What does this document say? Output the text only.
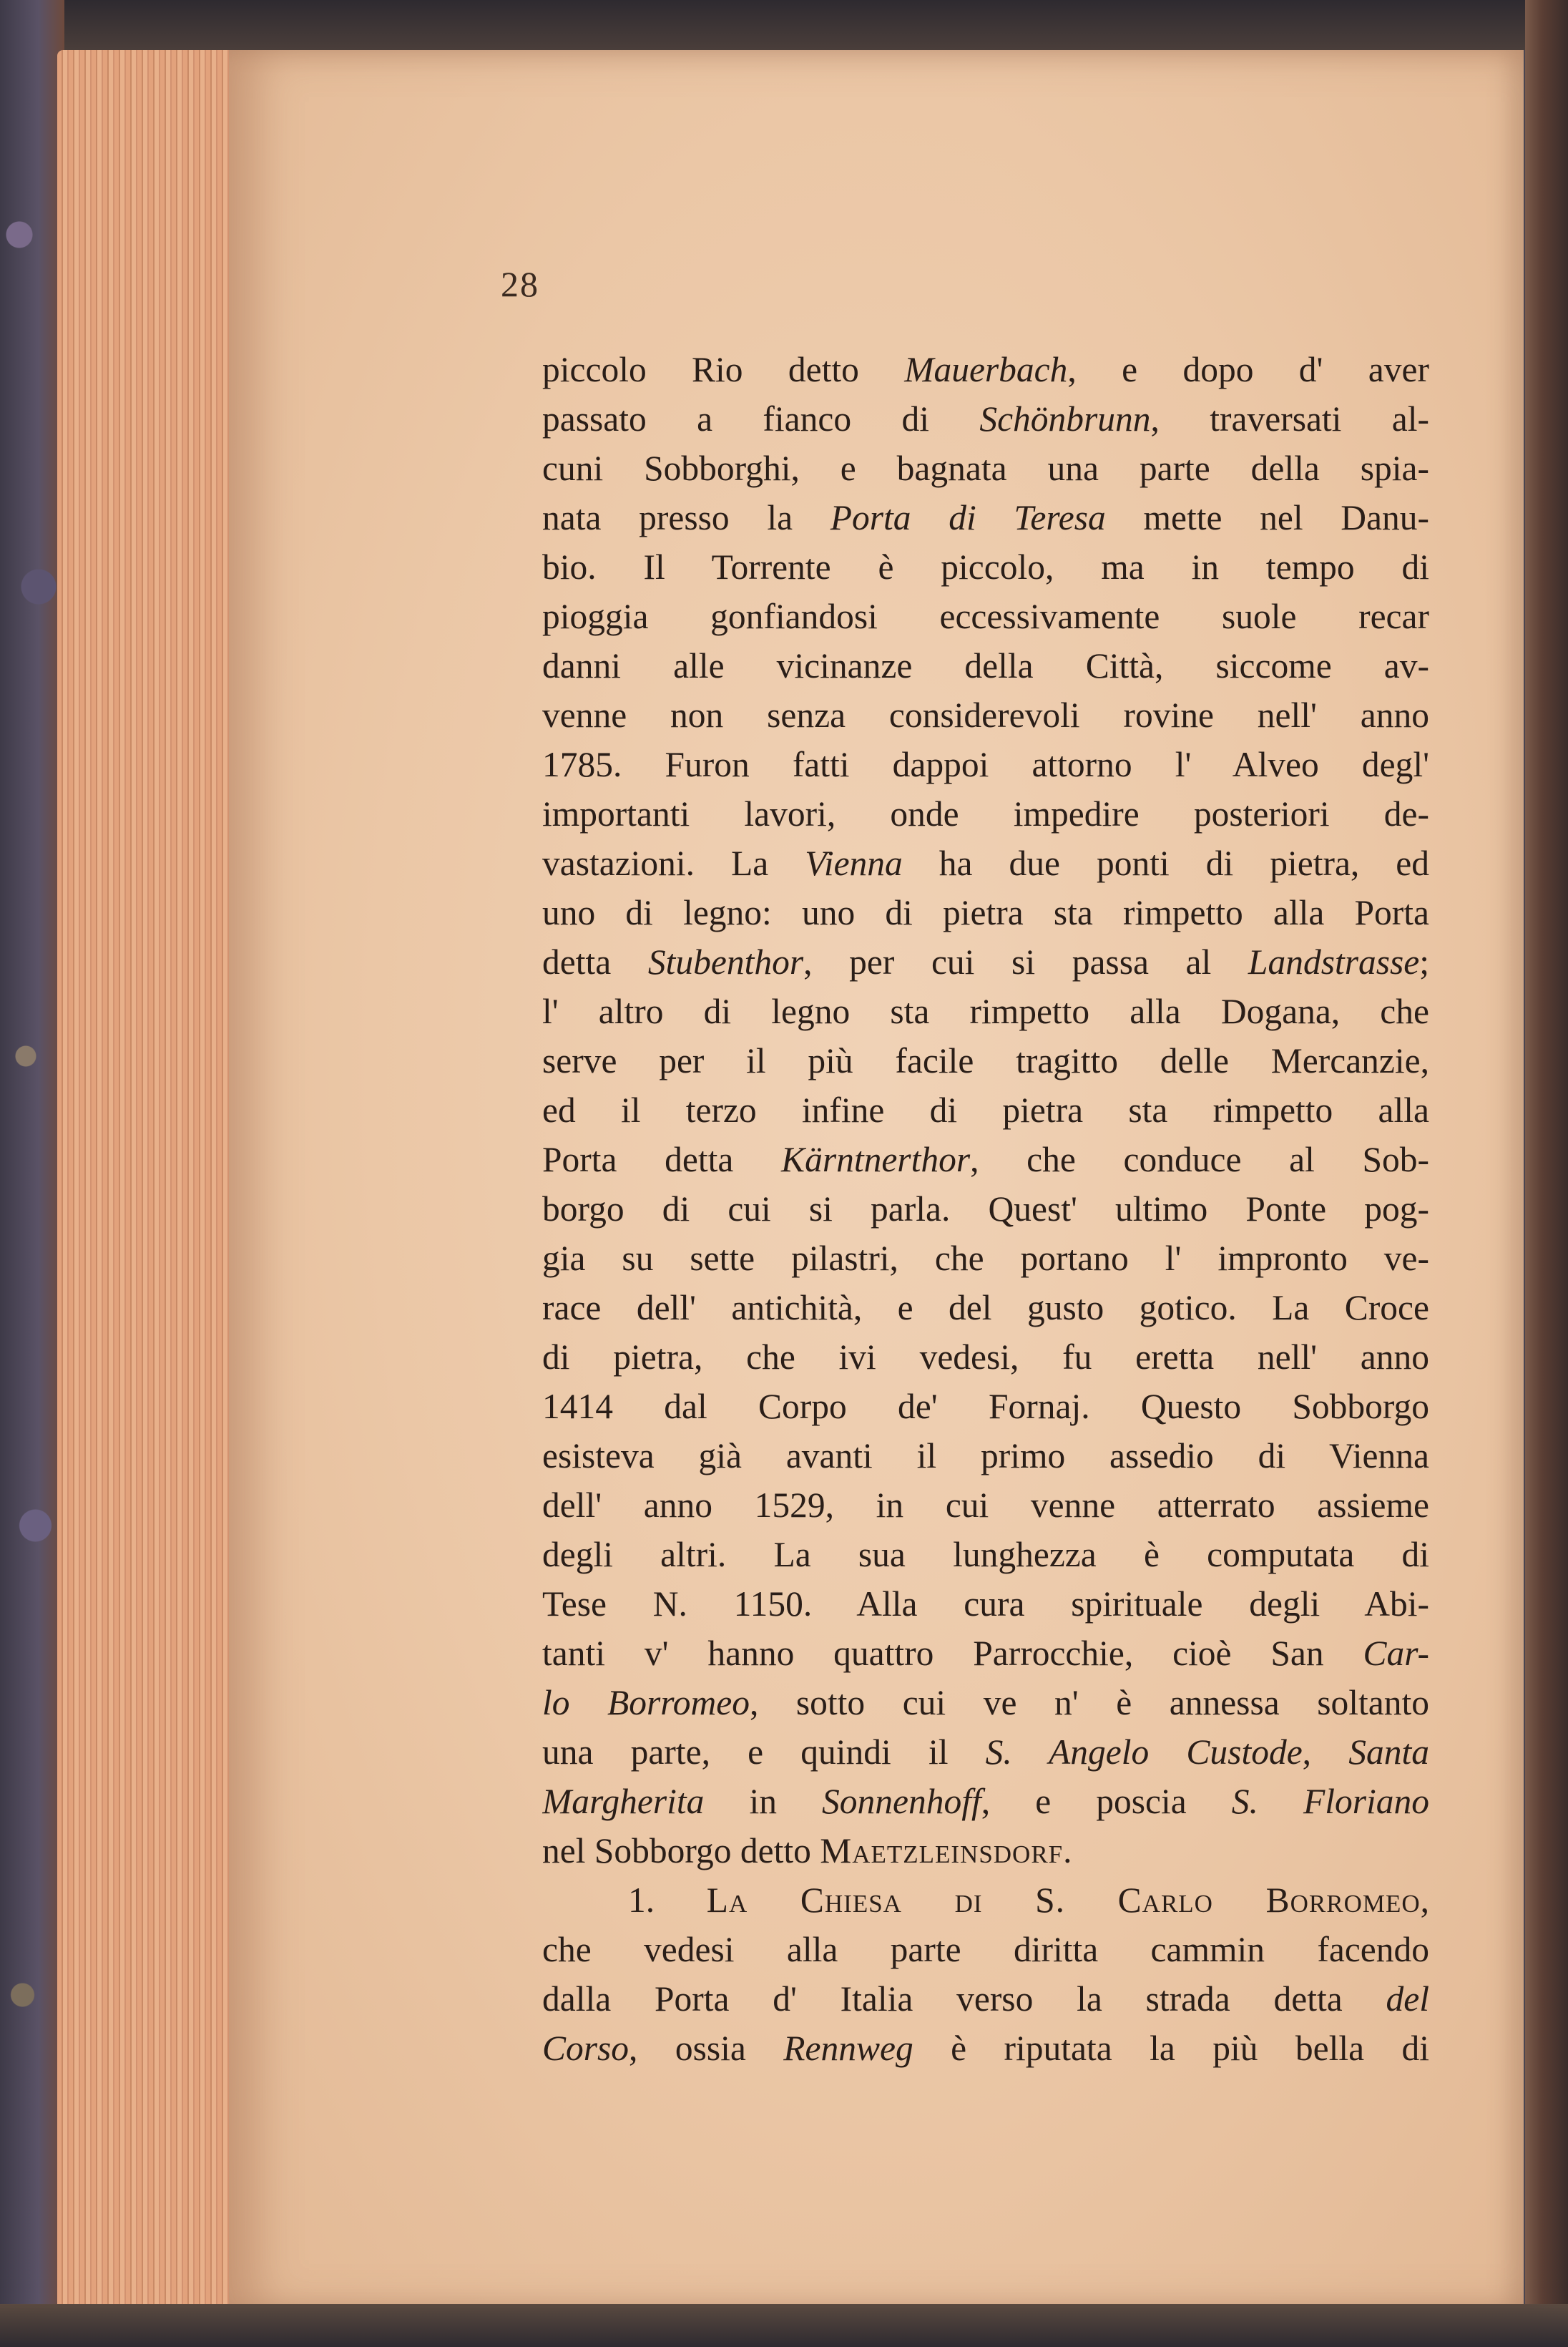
28
piccolo Rio detto Mauerbach, e dopo d' aver
passato a fianco di Schönbrunn, traversati al-
cuni Sobborghi, e bagnata una parte della spia-
nata presso la Porta di Teresa mette nel Danu-
bio. Il Torrente è piccolo, ma in tempo di
pioggia gonfiandosi eccessivamente suole recar
danni alle vicinanze della Città, siccome av-
venne non senza considerevoli rovine nell' anno
1785. Furon fatti dappoi attorno l' Alveo degl'
importanti lavori, onde impedire posteriori de-
vastazioni. La Vienna ha due ponti di pietra, ed
uno di legno: uno di pietra sta rimpetto alla Porta
detta Stubenthor, per cui si passa al Landstrasse;
l' altro di legno sta rimpetto alla Dogana, che
serve per il più facile tragitto delle Mercanzie,
ed il terzo infine di pietra sta rimpetto alla
Porta detta Kärntnerthor, che conduce al Sob-
borgo di cui si parla. Quest' ultimo Ponte pog-
gia su sette pilastri, che portano l' impronto ve-
race dell' antichità, e del gusto gotico. La Croce
di pietra, che ivi vedesi, fu eretta nell' anno
1414 dal Corpo de' Fornaj. Questo Sobborgo
esisteva già avanti il primo assedio di Vienna
dell' anno 1529, in cui venne atterrato assieme
degli altri. La sua lunghezza è computata di
Tese N. 1150. Alla cura spirituale degli Abi-
tanti v' hanno quattro Parrocchie, cioè San Car-
lo Borromeo, sotto cui ve n' è annessa soltanto
una parte, e quindi il S. Angelo Custode, Santa
Margherita in Sonnenhoff, e poscia S. Floriano
nel Sobborgo detto Maetzleinsdorf.
1. La Chiesa di S. Carlo Borromeo,
che vedesi alla parte diritta cammin facendo
dalla Porta d' Italia verso la strada detta del
Corso, ossia Rennweg è riputata la più bella di
